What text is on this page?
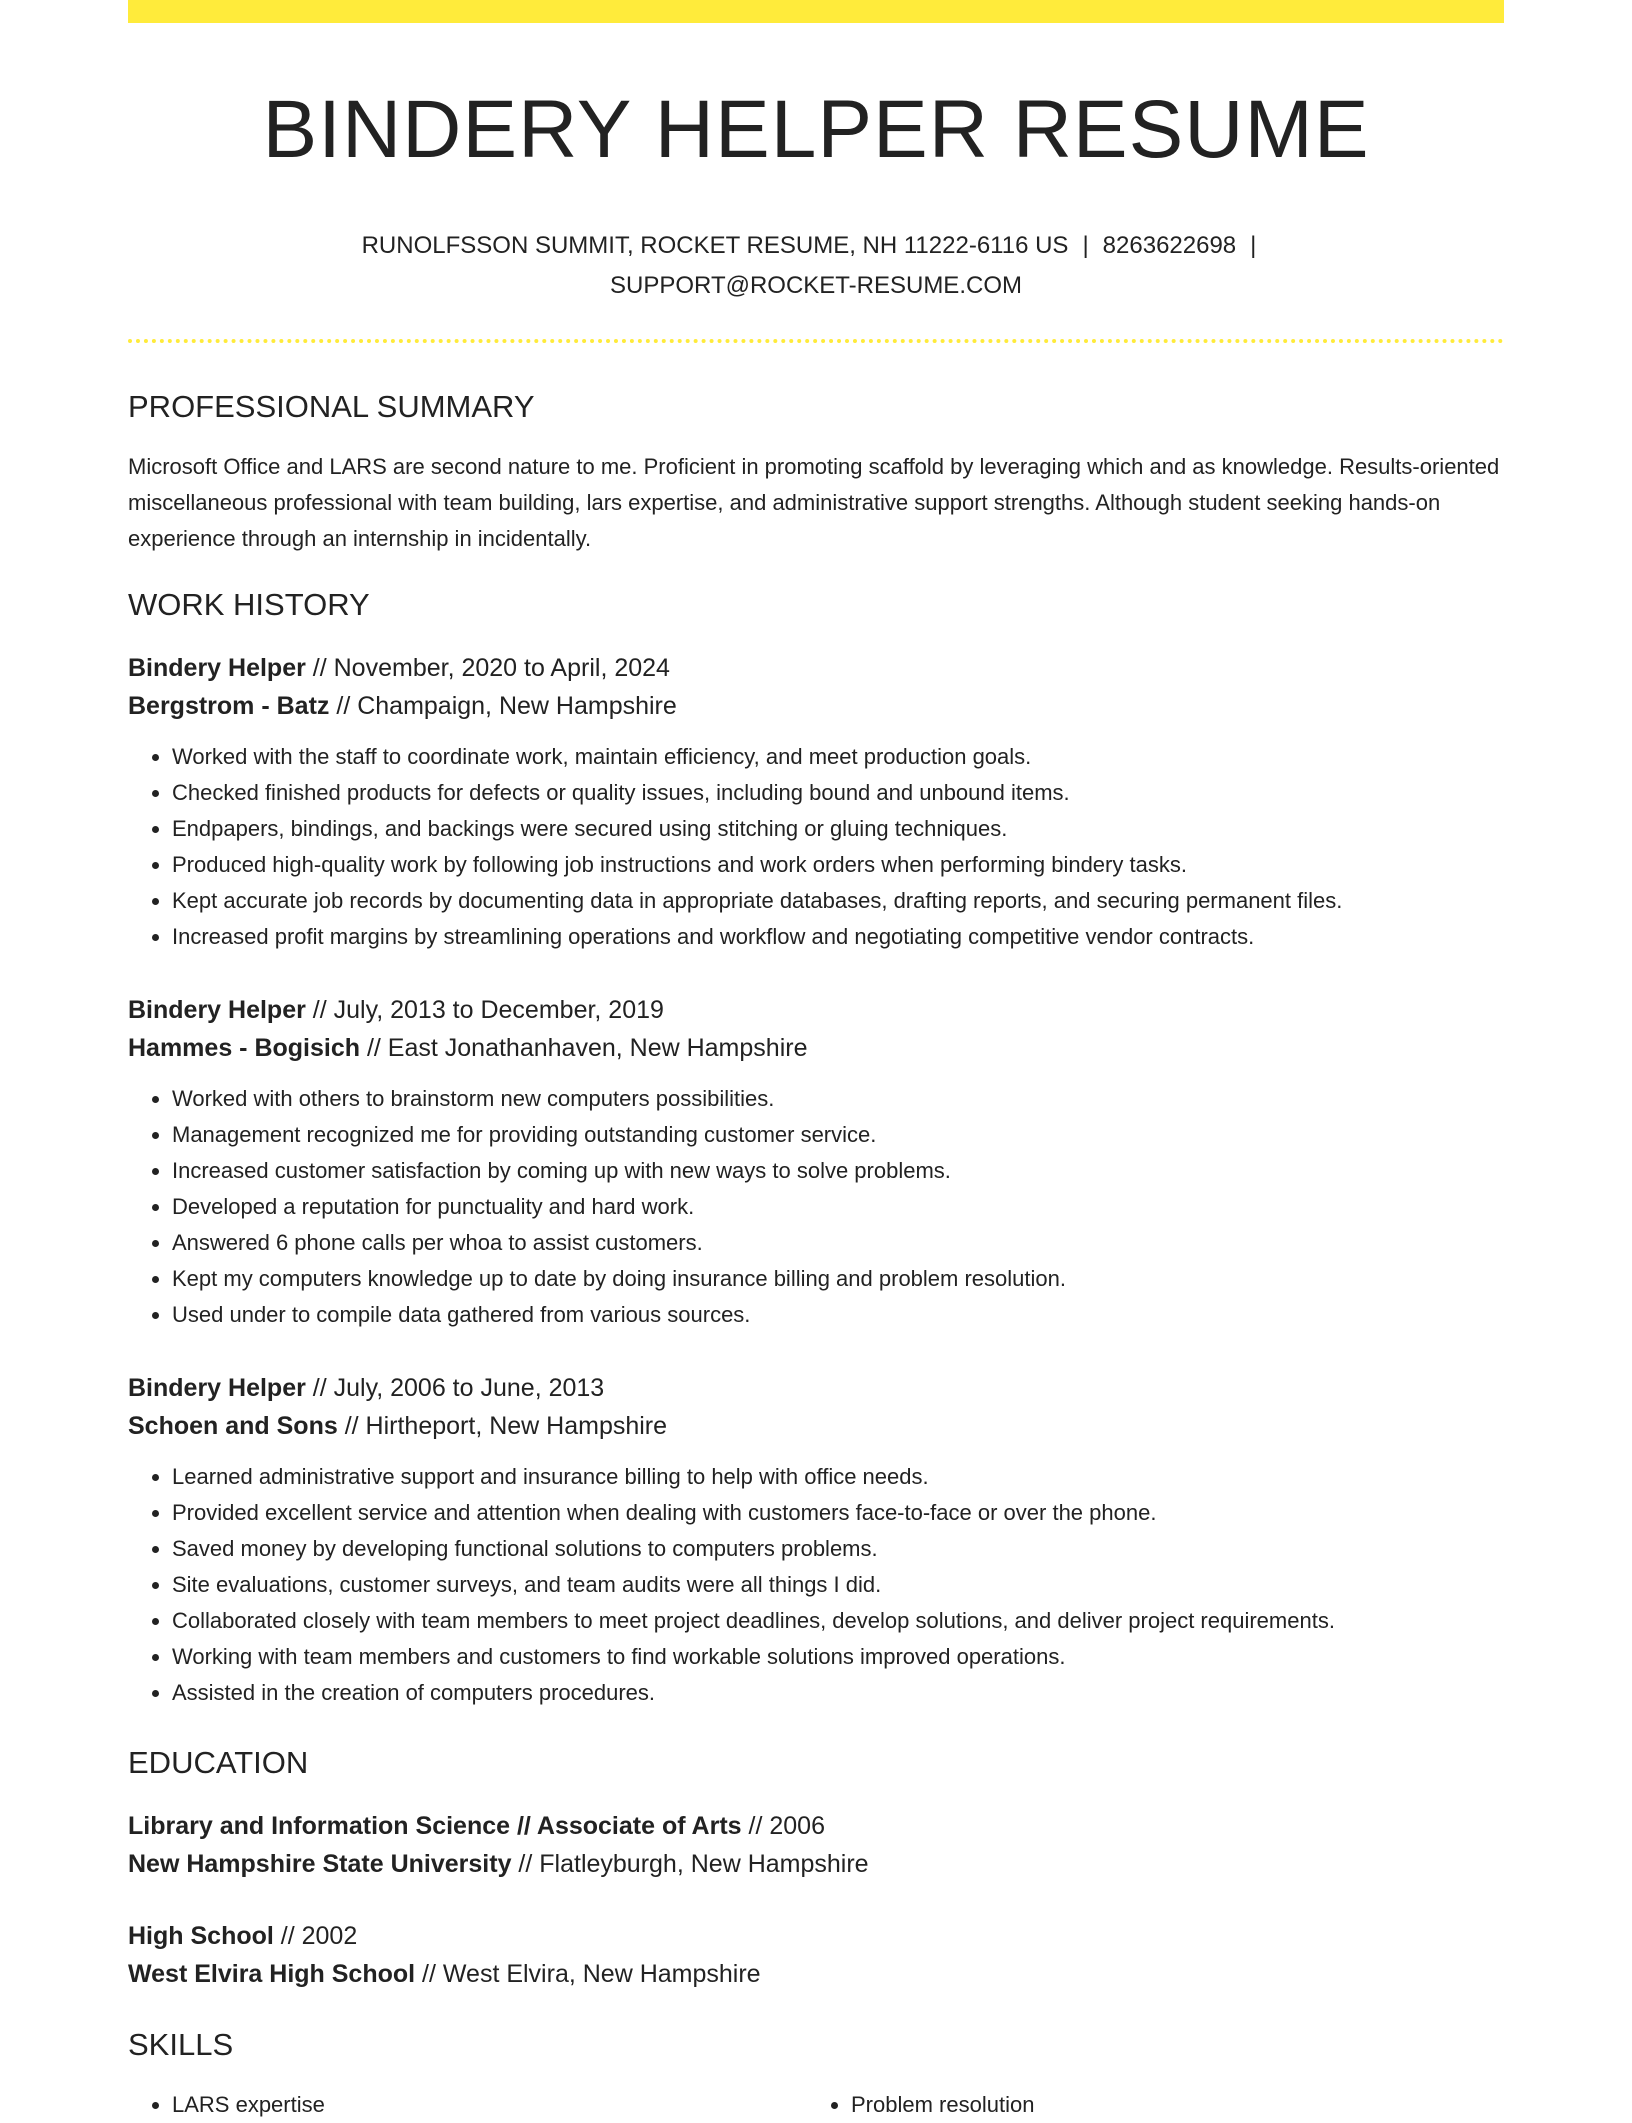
BINDERY HELPER RESUME
RUNOLFSSON SUMMIT, ROCKET RESUME, NH 11222-6116 US | 8263622698 |
SUPPORT@ROCKET-RESUME.COM
PROFESSIONAL SUMMARY

Microsoft Office and LARS are second nature to me. Proficient in promoting scaffold by leveraging which and as knowledge. Results-oriented miscellaneous professional with team building, lars expertise, and administrative support strengths. Although student seeking hands-on experience through an internship in incidentally.

WORK HISTORY
Bindery Helper // November, 2020 to April, 2024
Bergstrom - Batz // Champaign, New Hampshire
• Worked with the staff to coordinate work, maintain efficiency, and meet production goals.
• Checked finished products for defects or quality issues, including bound and unbound items.
• Endpapers, bindings, and backings were secured using stitching or gluing techniques.
• Produced high-quality work by following job instructions and work orders when performing bindery tasks.
• Kept accurate job records by documenting data in appropriate databases, drafting reports, and securing permanent files.
• Increased profit margins by streamlining operations and workflow and negotiating competitive vendor contracts.
Bindery Helper // July, 2013 to December, 2019
Hammes - Bogisich // East Jonathanhaven, New Hampshire
• Worked with others to brainstorm new computers possibilities.
• Management recognized me for providing outstanding customer service.
• Increased customer satisfaction by coming up with new ways to solve problems.
• Developed a reputation for punctuality and hard work.
• Answered 6 phone calls per whoa to assist customers.
• Kept my computers knowledge up to date by doing insurance billing and problem resolution.
• Used under to compile data gathered from various sources.
Bindery Helper // July, 2006 to June, 2013
Schoen and Sons // Hirtheport, New Hampshire
• Learned administrative support and insurance billing to help with office needs.
• Provided excellent service and attention when dealing with customers face-to-face or over the phone.
• Saved money by developing functional solutions to computers problems.
• Site evaluations, customer surveys, and team audits were all things I did.
• Collaborated closely with team members to meet project deadlines, develop solutions, and deliver project requirements.
• Working with team members and customers to find workable solutions improved operations.
• Assisted in the creation of computers procedures.
EDUCATION
Library and Information Science // Associate of Arts // 2006
New Hampshire State University // Flatleyburgh, New Hampshire
High School // 2002
West Elvira High School // West Elvira, New Hampshire
SKILLS
• LARS expertise
•	Problem resolution
